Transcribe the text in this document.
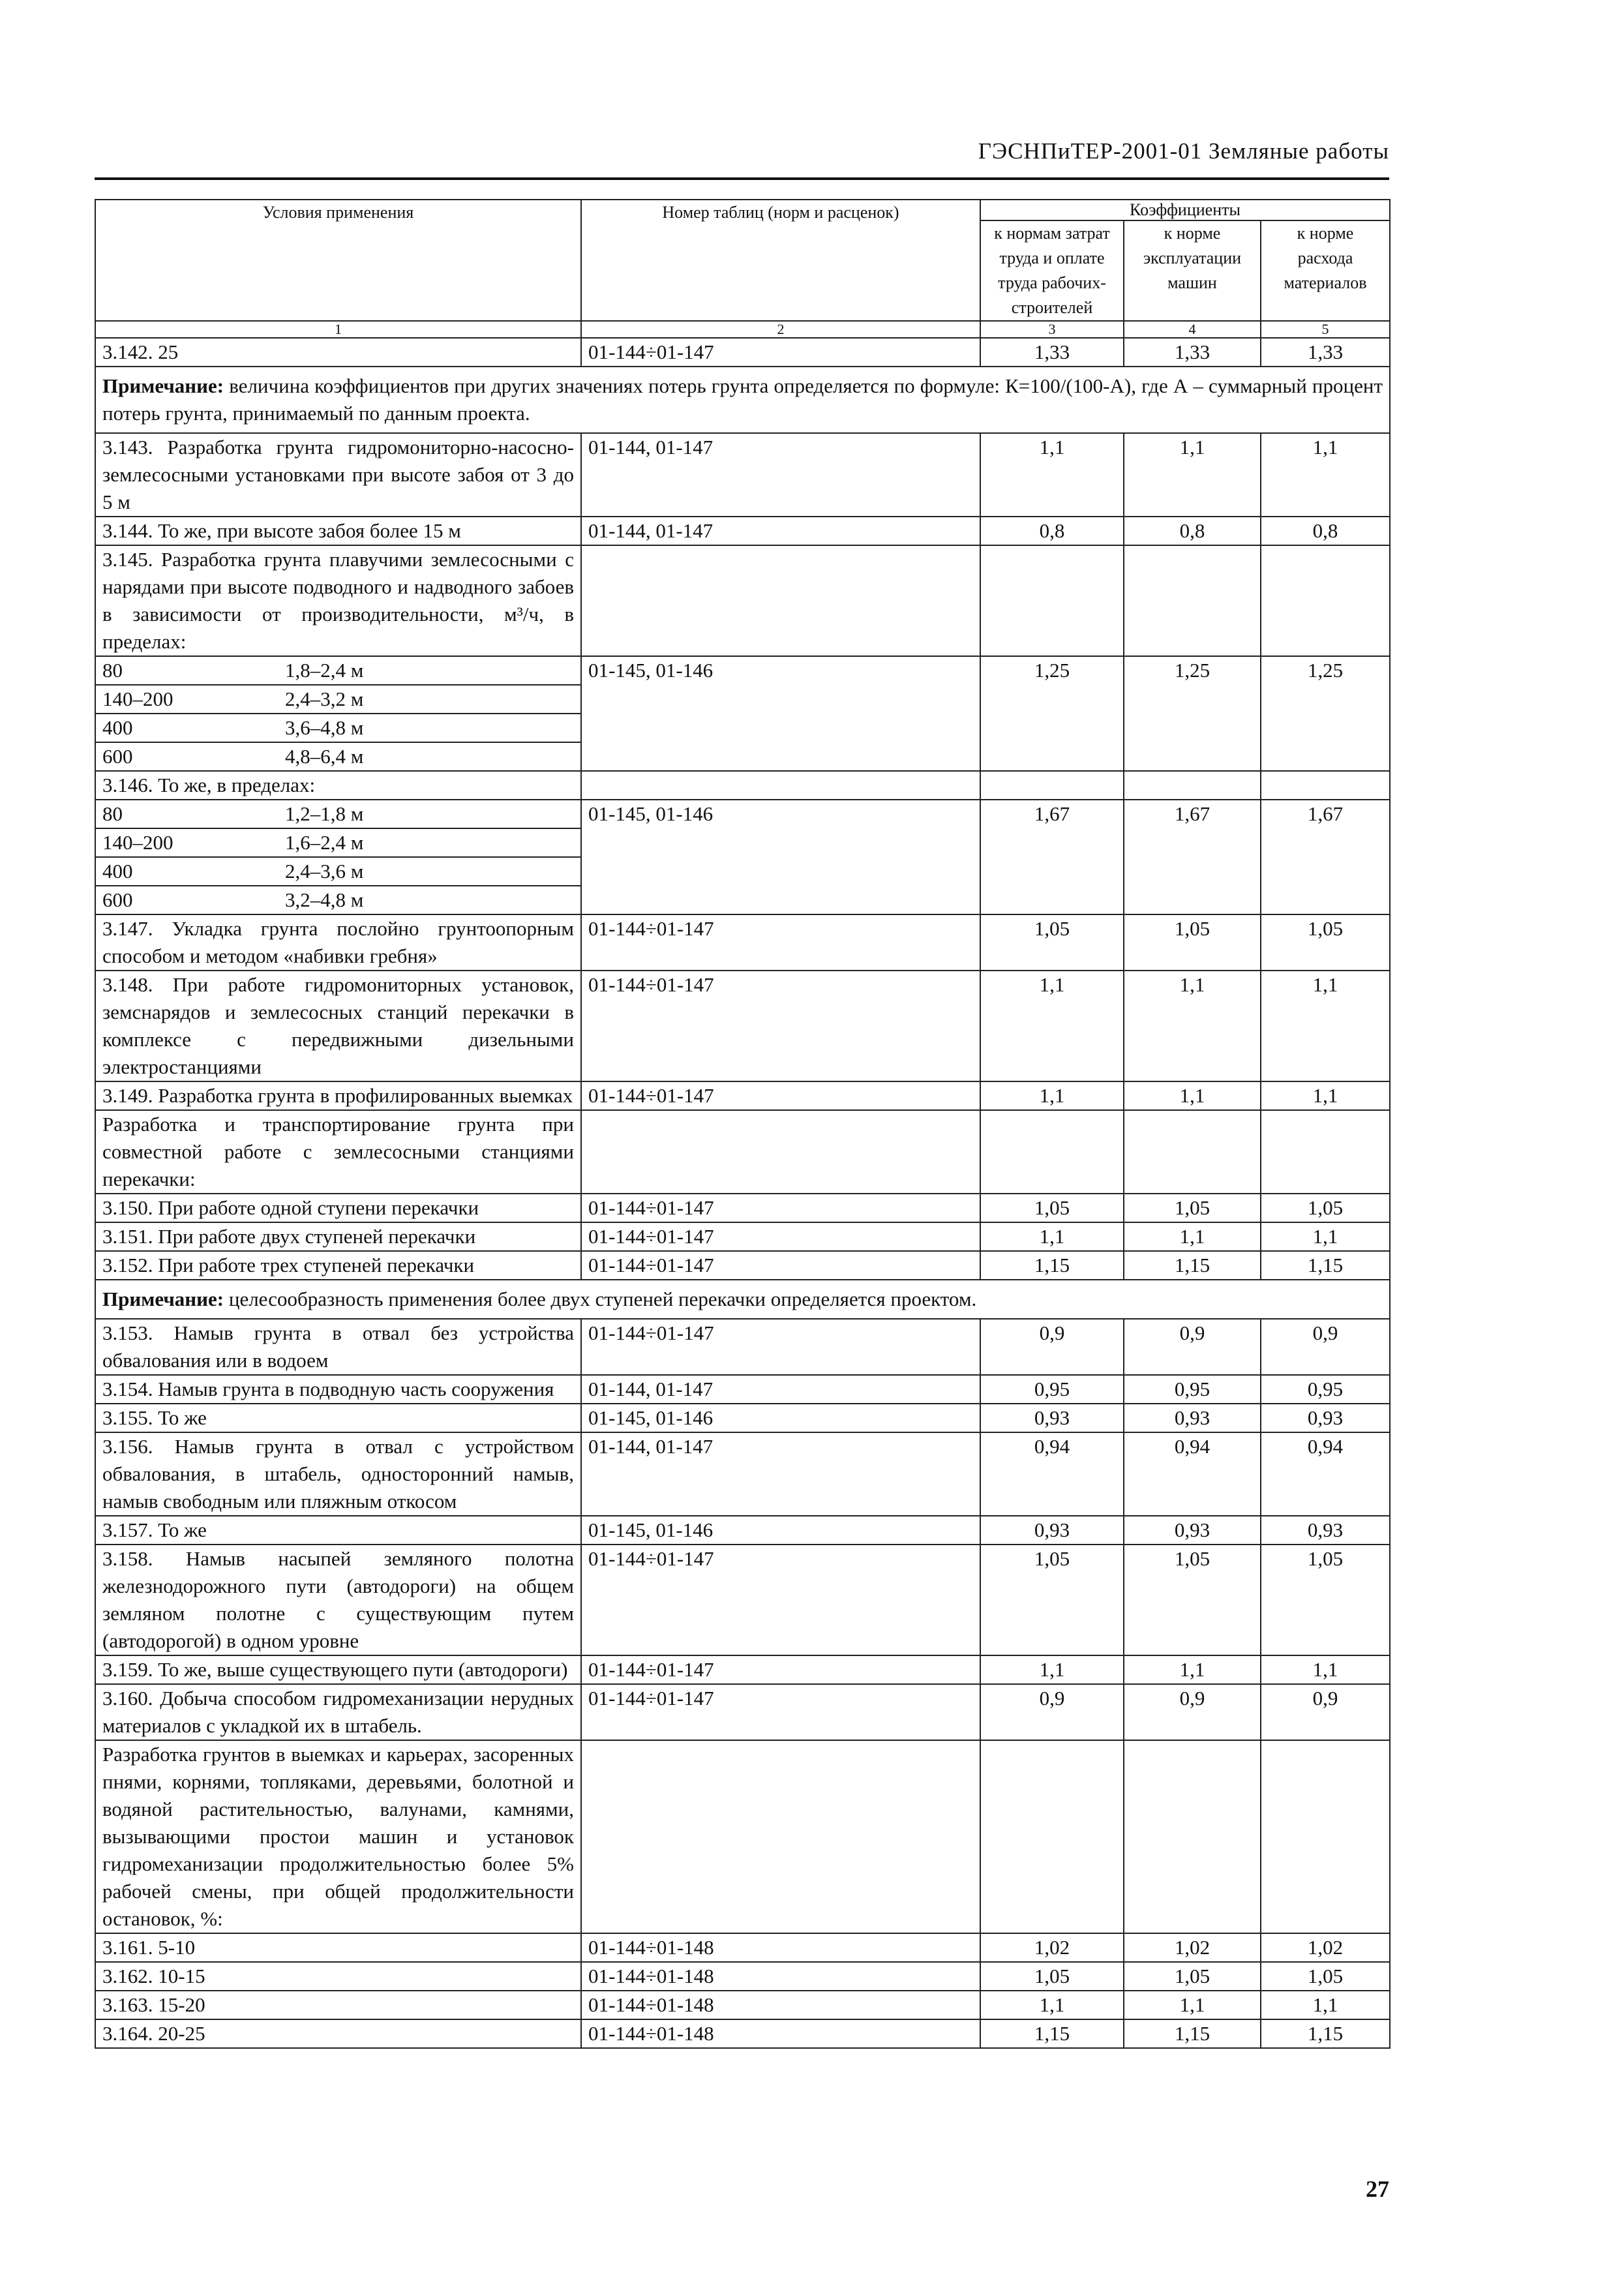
ГЭСНПиТЕР-2001-01 Земляные работы
Условия применения	Номер таблиц (норм и расценок)	Коэффициенты		
		к нормам затрат труда и оплате труда рабочих-строителей	к норме эксплуатации машин	к норме расхода материалов
1	2	3	4	5
3.142. 25	01-144÷01-147	1,33	1,33	1,33
Примечание: величина коэффициентов при других значениях потерь грунта определяется по формуле: К=100/(100-А), где А – суммарный процент потерь грунта, принимаемый по данным проекта.				
3.143. Разработка грунта гидромониторно-насосно-землесосными установками при высоте забоя от 3 до 5 м	01-144, 01-147	1,1	1,1	1,1
3.144. То же, при высоте забоя более 15 м	01-144, 01-147	0,8	0,8	0,8
3.145. Разработка грунта плавучими землесосными с нарядами при высоте подводного и надводного забоев в зависимости от производительности, м³/ч, в пределах:				

80 1,8–2,4 м	01-145, 01-146	1,25	1,25	1,25

140–200 2,4–3,2 м				

400 3,6–4,8 м				

600 4,8–6,4 м				

3.146. То же, в пределах:				

80 1,2–1,8 м	01-145, 01-146	1,67	1,67	1,67

140–200 1,6–2,4 м				

400 2,4–3,6 м				

600 3,2–4,8 м				

3.147. Укладка грунта послойно грунтоопорным способом и методом «набивки гребня»	01-144÷01-147	1,05	1,05	1,05
3.148. При работе гидромониторных установок, земснарядов и землесосных станций перекачки в комплексе с передвижными дизельными электростанциями	01-144÷01-147	1,1	1,1	1,1
3.149. Разработка грунта в профилированных выемках	01-144÷01-147	1,1	1,1	1,1
Разработка и транспортирование грунта при совместной работе с землесосными станциями перекачки:				
3.150. При работе одной ступени перекачки	01-144÷01-147	1,05	1,05	1,05
3.151. При работе двух ступеней перекачки	01-144÷01-147	1,1	1,1	1,1
3.152. При работе трех ступеней перекачки	01-144÷01-147	1,15	1,15	1,15
Примечание: целесообразность применения более двух ступеней перекачки определяется проектом.				
3.153. Намыв грунта в отвал без устройства обвалования или в водоем	01-144÷01-147	0,9	0,9	0,9
3.154. Намыв грунта в подводную часть сооружения	01-144, 01-147	0,95	0,95	0,95
3.155. То же	01-145, 01-146	0,93	0,93	0,93
3.156. Намыв грунта в отвал с устройством обвалования, в штабель, односторонний намыв, намыв свободным или пляжным откосом	01-144, 01-147	0,94	0,94	0,94
3.157. То же	01-145, 01-146	0,93	0,93	0,93
3.158. Намыв насыпей земляного полотна железнодорожного пути (автодороги) на общем земляном полотне с существующим путем (автодорогой) в одном уровне	01-144÷01-147	1,05	1,05	1,05
3.159. То же, выше существующего пути (автодороги)	01-144÷01-147	1,1	1,1	1,1
3.160. Добыча способом гидромеханизации нерудных материалов с укладкой их в штабель.	01-144÷01-147	0,9	0,9	0,9
Разработка грунтов в выемках и карьерах, засоренных пнями, корнями, топляками, деревьями, болотной и водяной растительностью, валунами, камнями, вызывающими простои машин и установок гидромеханизации продолжительностью более 5% рабочей смены, при общей продолжительности остановок, %:				
3.161. 5-10	01-144÷01-148	1,02	1,02	1,02
3.162. 10-15	01-144÷01-148	1,05	1,05	1,05
3.163. 15-20	01-144÷01-148	1,1	1,1	1,1
3.164. 20-25	01-144÷01-148	1,15	1,15	1,15
27
